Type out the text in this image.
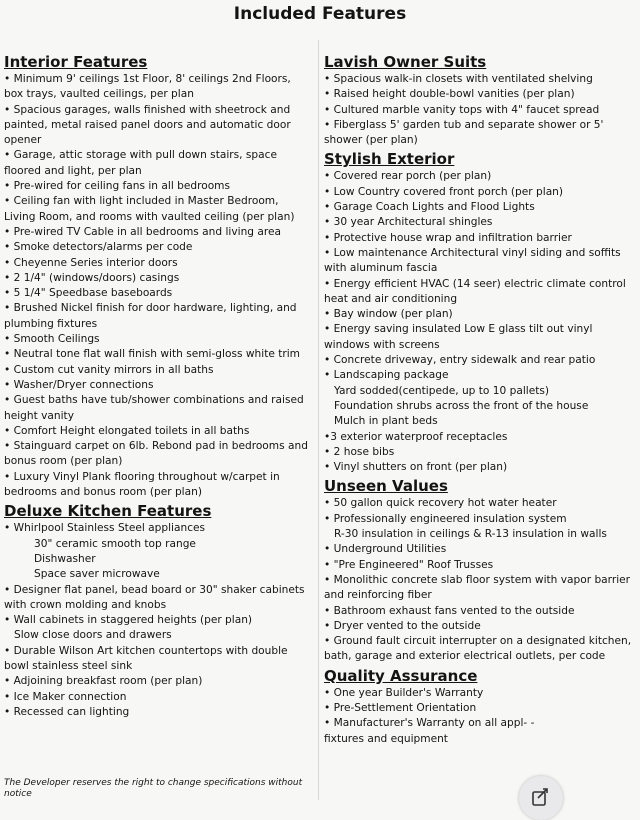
Included Features
Interior Features
• Minimum 9' ceilings 1st Floor, 8' ceilings 2nd Floors, box trays, vaulted ceilings, per plan
• Spacious garages, walls finished with sheetrock and painted, metal raised panel doors and automatic door opener
• Garage, attic storage with pull down stairs, space floored and light, per plan
• Pre-wired for ceiling fans in all bedrooms
• Ceiling fan with light included in Master Bedroom, Living Room, and rooms with vaulted ceiling (per plan)
• Pre-wired TV Cable in all bedrooms and living area
• Smoke detectors/alarms per code
• Cheyenne Series interior doors
• 2 1/4" (windows/doors) casings
• 5 1/4" Speedbase baseboards
• Brushed Nickel finish for door hardware, lighting, and plumbing fixtures
• Smooth Ceilings
• Neutral tone flat wall finish with semi-gloss white trim
• Custom cut vanity mirrors in all baths
• Washer/Dryer connections
• Guest baths have tub/shower combinations and raised height vanity
• Comfort Height elongated toilets in all baths
• Stainguard carpet on 6lb. Rebond pad in bedrooms and bonus room (per plan)
• Luxury Vinyl Plank flooring throughout w/carpet in bedrooms and bonus room (per plan)
Deluxe Kitchen Features
• Whirlpool Stainless Steel appliances
30" ceramic smooth top range
Dishwasher
Space saver microwave
• Designer flat panel, bead board or 30" shaker cabinets with crown molding and knobs
• Wall cabinets in staggered heights (per plan)
Slow close doors and drawers
• Durable Wilson Art kitchen countertops with double bowl stainless steel sink
• Adjoining breakfast room (per plan)
• Ice Maker connection
• Recessed can lighting
Lavish Owner Suits
• Spacious walk-in closets with ventilated shelving
• Raised height double-bowl vanities (per plan)
• Cultured marble vanity tops with 4" faucet spread
• Fiberglass 5' garden tub and separate shower or 5' shower (per plan)
Stylish Exterior
• Covered rear porch (per plan)
• Low Country covered front porch (per plan)
• Garage Coach Lights and Flood Lights
• 30 year Architectural shingles
• Protective house wrap and infiltration barrier
• Low maintenance Architectural vinyl siding and soffits with aluminum fascia
• Energy efficient HVAC (14 seer) electric climate control heat and air conditioning
• Bay window (per plan)
• Energy saving insulated Low E glass tilt out vinyl windows with screens
• Concrete driveway, entry sidewalk and rear patio
• Landscaping package
Yard sodded(centipede, up to 10 pallets)
Foundation shrubs across the front of the house
Mulch in plant beds
•3 exterior waterproof receptacles
• 2 hose bibs
• Vinyl shutters on front (per plan)
Unseen Values
• 50 gallon quick recovery hot water heater
• Professionally engineered insulation system
R-30 insulation in ceilings & R-13 insulation in walls
• Underground Utilities
• "Pre Engineered" Roof Trusses
• Monolithic concrete slab floor system with vapor barrier and reinforcing fiber
• Bathroom exhaust fans vented to the outside
• Dryer vented to the outside
• Ground fault circuit interrupter on a designated kitchen, bath, garage and exterior electrical outlets, per code
Quality Assurance
• One year Builder's Warranty
• Pre-Settlement Orientation
• Manufacturer's Warranty on all appl- -
fixtures and equipment
The Developer reserves the right to change specifications without notice
